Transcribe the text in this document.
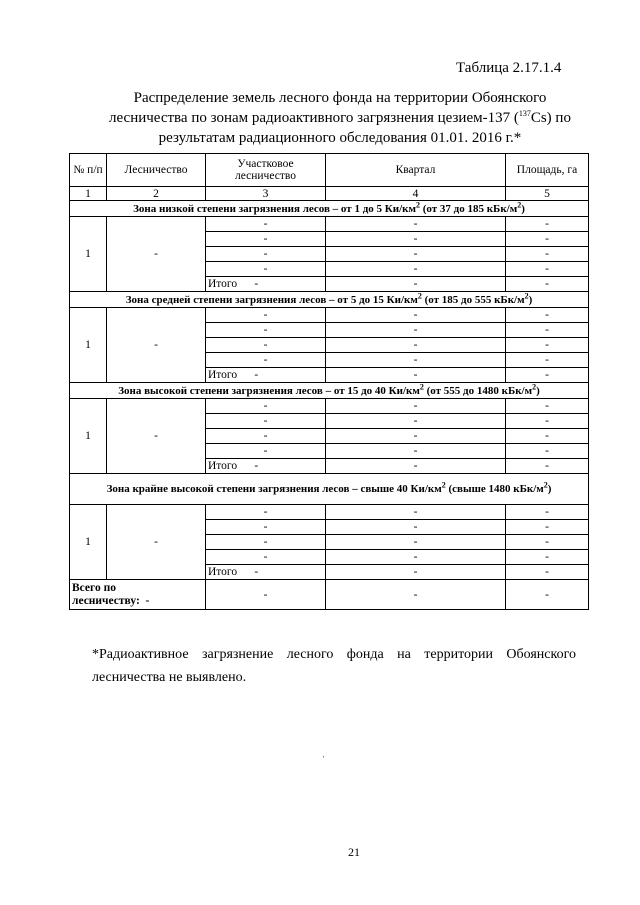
Таблица 2.17.1.4
Распределение земель лесного фонда на территории Обоянского
лесничества по зонам радиоактивного загрязнения цезием-137 ($^{137}$Cs) по
результатам радиационного обследования 01.01. 2016 г.*
№ п/п	Лесничество	Участковое лесничество	Квартал	Площадь, га
1	2	3	4	5
Зона низкой степени загрязнения лесов – от 1 до 5 $Ки/км^2$ (от 37 до 185 кБк/$м^2$)				
1	-	-	-	-
		-	-	-
		-	-	-
		-	-	-
		Итого -	-	-
Зона средней степени загрязнения лесов – от 5 до 15 $Ки/км^2$ (от 185 до 555 кБк/$м^2$)				
1	-	-	-	-
		-	-	-
		-	-	-
		-	-	-
		Итого -	-	-
Зона высокой степени загрязнения лесов – от 15 до 40 $Ки/км^2$ (от 555 до 1480 кБк/$м^2$)				
1	-	-	-	-
		-	-	-
		-	-	-
		-	-	-
		Итого -	-	-
Зона крайне высокой степени загрязнения лесов – свыше 40 $Ки/км^2$ (свыше 1480 кБк/$м^2$)				
1	-	-	-	-
		-	-	-
		-	-	-
		-	-	-
		Итого -	-	-
Всего по
лесничеству: -		-	-	-
*Радиоактивное загрязнение лесного фонда на территории Обоянского
лесничества не выявлено.
ˌ
21
